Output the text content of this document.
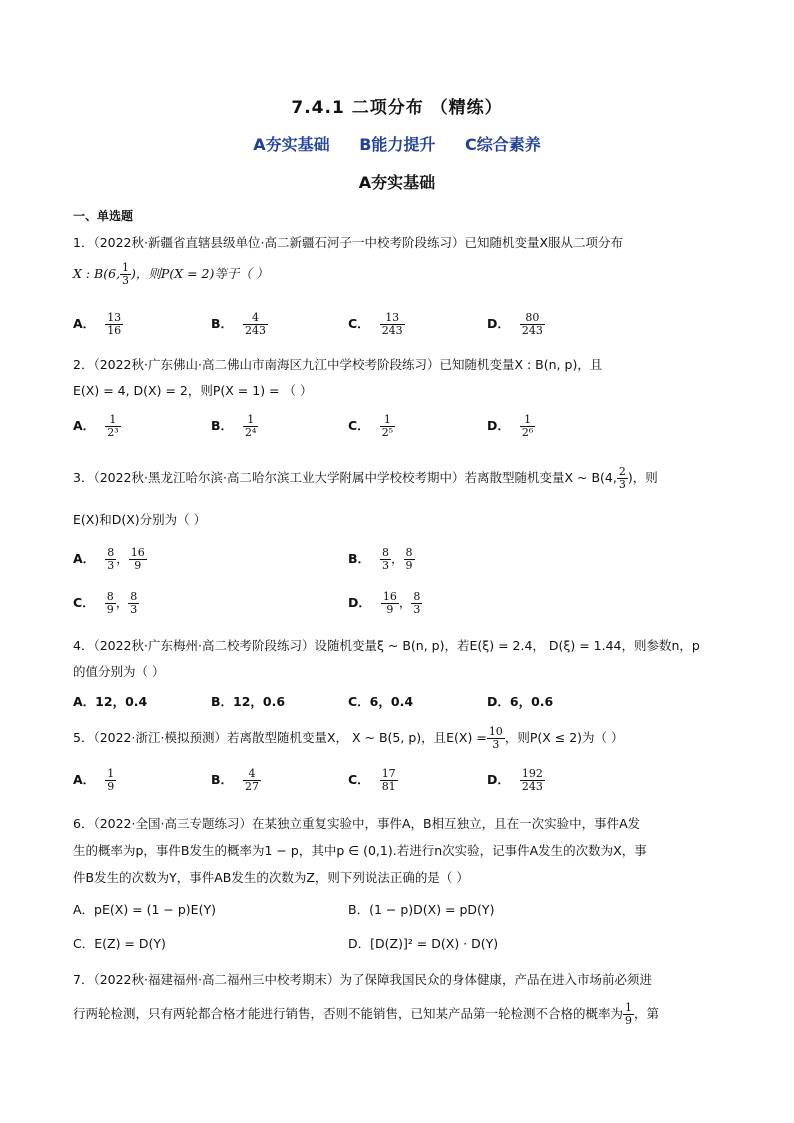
7.4.1 二项分布 （精练）
A夯实基础 B能力提升 C综合素养
A夯实基础
一、单选题
1．（2022秋·新疆省直辖县级单位·高二新疆石河子一中校考阶段练习）已知随机变量X服从二项分布
X : B(6, $\frac{1}{3}$ )，则P(X = 2)等于（ ）
A． $\frac{13}{16}$	B． $\frac{4}{243}$	C． $\frac{13}{243}$	D． $\frac{80}{243}$
2．（2022秋·广东佛山·高二佛山市南海区九江中学校考阶段练习）已知随机变量X : B(n, p)，且
E(X) = 4, D(X) = 2，则P(X = 1) = （ ）
A． $\frac{1}{\text{2³}}$	B． $\frac{1}{\text{2⁴}}$	C． $\frac{1}{\text{2⁵}}$	D． $\frac{1}{\text{2⁶}}$
3．（2022秋·黑龙江哈尔滨·高二哈尔滨工业大学附属中学校校考期中）若离散型随机变量X ~ B(4, $\frac{2}{3}$ )，则
E(X)和D(X)分别为（ ）
A． $\frac{8}{3}$ ， $\frac{16}{9}$	B． $\frac{8}{3}$ ， $\frac{8}{9}$
C． $\frac{8}{9}$ ， $\frac{8}{3}$	D． $\frac{16}{9}$ ， $\frac{8}{3}$
4．（2022秋·广东梅州·高二校考阶段练习）设随机变量ξ ~ B(n, p)，若E(ξ) = 2.4， D(ξ) = 1.44，则参数n，p
的值分别为（ ）
A．12，0.4	B．12，0.6	C．6，0.4	D．6，0.6
5．（2022·浙江·模拟预测）若离散型随机变量X， X ~ B(5, p)，且$E(X) = \frac{10}{3}$ ，则P(X ≤ 2)为（ ）
A． $\frac{1}{9}$	B． $\frac{4}{27}$	C． $\frac{17}{81}$	D． $\frac{192}{243}$
6．（2022·全国·高三专题练习）在某独立重复实验中，事件A，B相互独立，且在一次实验中，事件A发
生的概率为p，事件B发生的概率为1 − p，其中p ∈ (0,1).若进行n次实验，记事件A发生的次数为X，事
件B发生的次数为Y，事件AB发生的次数为Z，则下列说法正确的是（ ）
A．pE(X) = (1 − p)E(Y)	B．(1 − p)D(X) = pD(Y)
C．E(Z) = D(Y)	D．[D(Z)]² = D(X) · D(Y)
7．（2022秋·福建福州·高二福州三中校考期末）为了保障我国民众的身体健康，产品在进入市场前必须进
行两轮检测，只有两轮都合格才能进行销售，否则不能销售，已知某产品第一轮检测不合格的概率为 $\frac{1}{9}$ ，第
